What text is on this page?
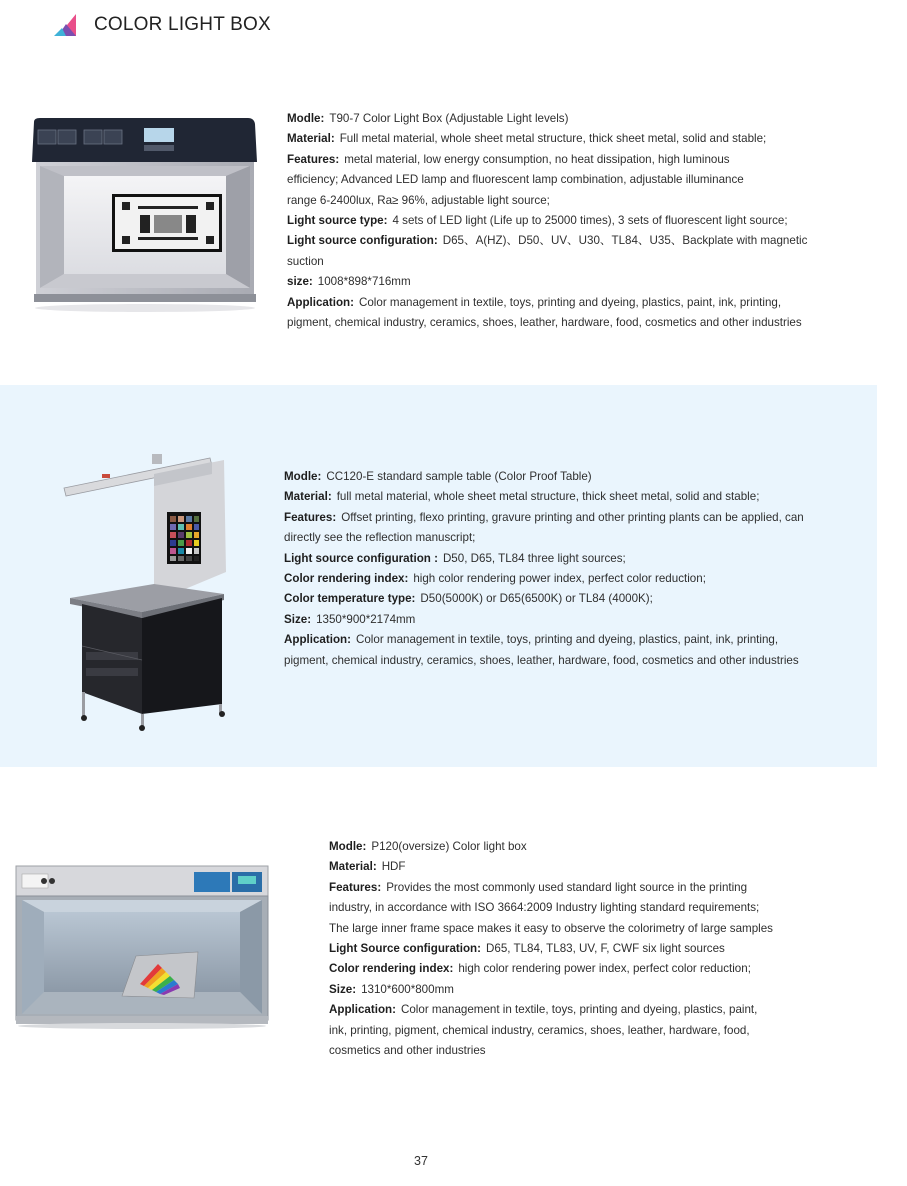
COLOR LIGHT BOX

Modle: T90-7 Color Light Box (Adjustable Light levels)

Material: Full metal material, whole sheet metal structure, thick sheet metal, solid and stable;

Features: metal material, low energy consumption, no heat dissipation, high luminous
efficiency; Advanced LED lamp and fluorescent lamp combination, adjustable illuminance
range 6-2400lux, Ra≥ 96%, adjustable light source;

Light source type: 4 sets of LED light (Life up to 25000 times), 3 sets of fluorescent light source;

Light source configuration: D65、A(HZ)、D50、UV、U30、TL84、U35、Backplate with magnetic suction

size: 1008*898*716mm

Application: Color management in textile, toys, printing and dyeing, plastics, paint, ink, printing,
pigment, chemical industry, ceramics, shoes, leather, hardware, food, cosmetics and other industries

Modle: CC120-E standard sample table (Color Proof Table)

Material: full metal material, whole sheet metal structure, thick sheet metal, solid and stable;

Features: Offset printing, flexo printing, gravure printing and other printing plants can be applied, can
directly see the reflection manuscript;

Light source configuration : D50, D65, TL84 three light sources;

Color rendering index: high color rendering power index, perfect color reduction;

Color temperature type: D50(5000K) or D65(6500K) or TL84 (4000K);

Size: 1350*900*2174mm

Application: Color management in textile, toys, printing and dyeing, plastics, paint, ink, printing,
pigment, chemical industry, ceramics, shoes, leather, hardware, food, cosmetics and other industries

Modle: P120(oversize) Color light box

Material: HDF

Features: Provides the most commonly used standard light source in the printing
industry, in accordance with ISO 3664:2009 Industry lighting standard requirements;
The large inner frame space makes it easy to observe the colorimetry of large samples

Light Source configuration: D65, TL84, TL83, UV, F, CWF six light sources

Color rendering index: high color rendering power index, perfect color reduction;

Size: 1310*600*800mm

Application: Color management in textile, toys, printing and dyeing, plastics, paint,
ink, printing, pigment, chemical industry, ceramics, shoes, leather, hardware, food,
cosmetics and other industries

37
